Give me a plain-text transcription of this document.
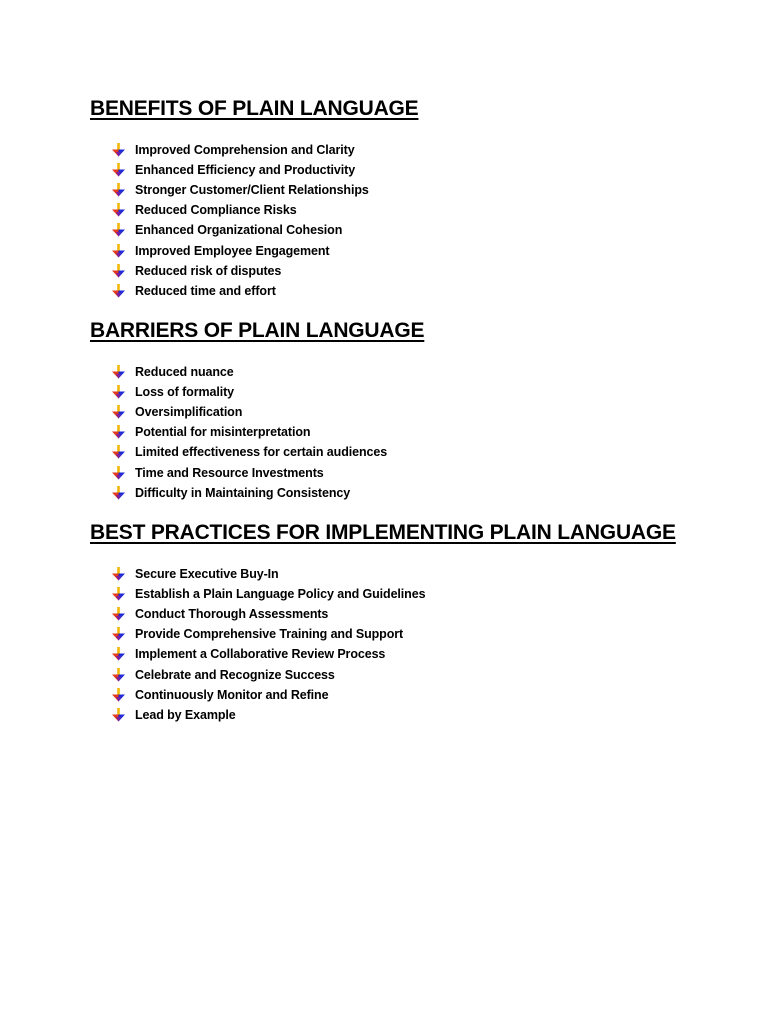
BENEFITS OF PLAIN LANGUAGE
Improved Comprehension and Clarity
Enhanced Efficiency and Productivity
Stronger Customer/Client Relationships
Reduced Compliance Risks
Enhanced Organizational Cohesion
Improved Employee Engagement
Reduced risk of disputes
Reduced time and effort
BARRIERS OF PLAIN LANGUAGE
Reduced nuance
Loss of formality
Oversimplification
Potential for misinterpretation
Limited effectiveness for certain audiences
Time and Resource Investments
Difficulty in Maintaining Consistency
BEST PRACTICES FOR IMPLEMENTING PLAIN LANGUAGE
Secure Executive Buy-In
Establish a Plain Language Policy and Guidelines
Conduct Thorough Assessments
Provide Comprehensive Training and Support
Implement a Collaborative Review Process
Celebrate and Recognize Success
Continuously Monitor and Refine
Lead by Example
